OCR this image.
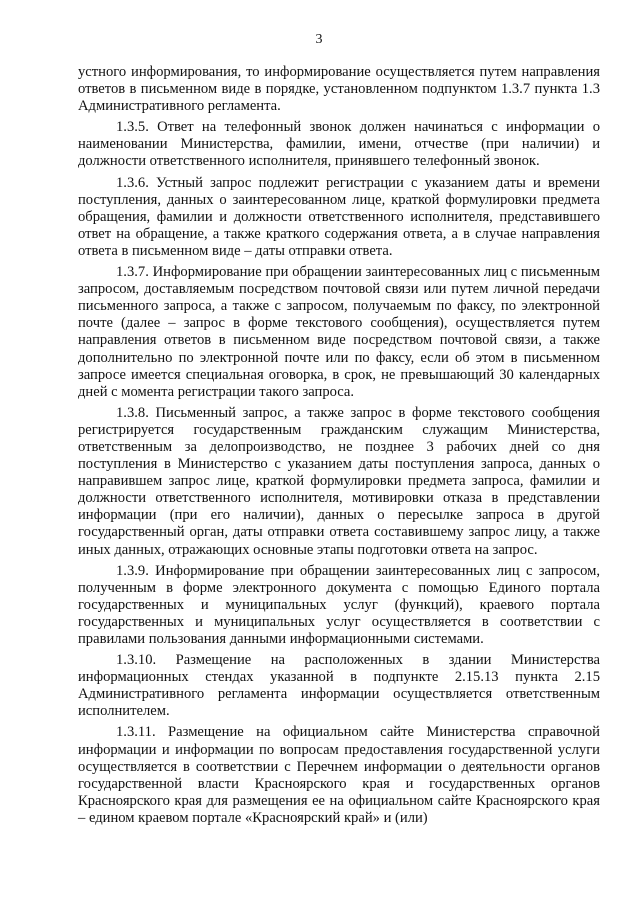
3

устного информирования, то информирование осуществляется путем направления ответов в письменном виде в порядке, установленном подпунктом 1.3.7 пункта 1.3 Административного регламента.

1.3.5. Ответ на телефонный звонок должен начинаться с информации о наименовании Министерства, фамилии, имени, отчестве (при наличии) и должности ответственного исполнителя, принявшего телефонный звонок.

1.3.6. Устный запрос подлежит регистрации с указанием даты и времени поступления, данных о заинтересованном лице, краткой формулировки предмета обращения, фамилии и должности ответственного исполнителя, представившего ответ на обращение, а также краткого содержания ответа, а в случае направления ответа в письменном виде – даты отправки ответа.

1.3.7. Информирование при обращении заинтересованных лиц с письменным запросом, доставляемым посредством почтовой связи или путем личной передачи письменного запроса, а также с запросом, получаемым по факсу, по электронной почте (далее – запрос в форме текстового сообщения), осуществляется путем направления ответов в письменном виде посредством почтовой связи, а также дополнительно по электронной почте или по факсу, если об этом в письменном запросе имеется специальная оговорка, в срок, не превышающий 30 календарных дней с момента регистрации такого запроса.

1.3.8. Письменный запрос, а также запрос в форме текстового сообщения регистрируется государственным гражданским служащим Министерства, ответственным за делопроизводство, не позднее 3 рабочих дней со дня поступления в Министерство с указанием даты поступления запроса, данных о направившем запрос лице, краткой формулировки предмета запроса, фамилии и должности ответственного исполнителя, мотивировки отказа в представлении информации (при его наличии), данных о пересылке запроса в другой государственный орган, даты отправки ответа составившему запрос лицу, а также иных данных, отражающих основные этапы подготовки ответа на запрос.

1.3.9. Информирование при обращении заинтересованных лиц с запросом, полученным в форме электронного документа с помощью Единого портала государственных и муниципальных услуг (функций), краевого портала государственных и муниципальных услуг осуществляется в соответствии с правилами пользования данными информационными системами.

1.3.10. Размещение на расположенных в здании Министерства информационных стендах указанной в подпункте 2.15.13 пункта 2.15 Административного регламента информации осуществляется ответственным исполнителем.

1.3.11. Размещение на официальном сайте Министерства справочной информации и информации по вопросам предоставления государственной услуги осуществляется в соответствии с Перечнем информации о деятельности органов государственной власти Красноярского края и государственных органов Красноярского края для размещения ее на официальном сайте Красноярского края – едином краевом портале «Красноярский край» и (или)
